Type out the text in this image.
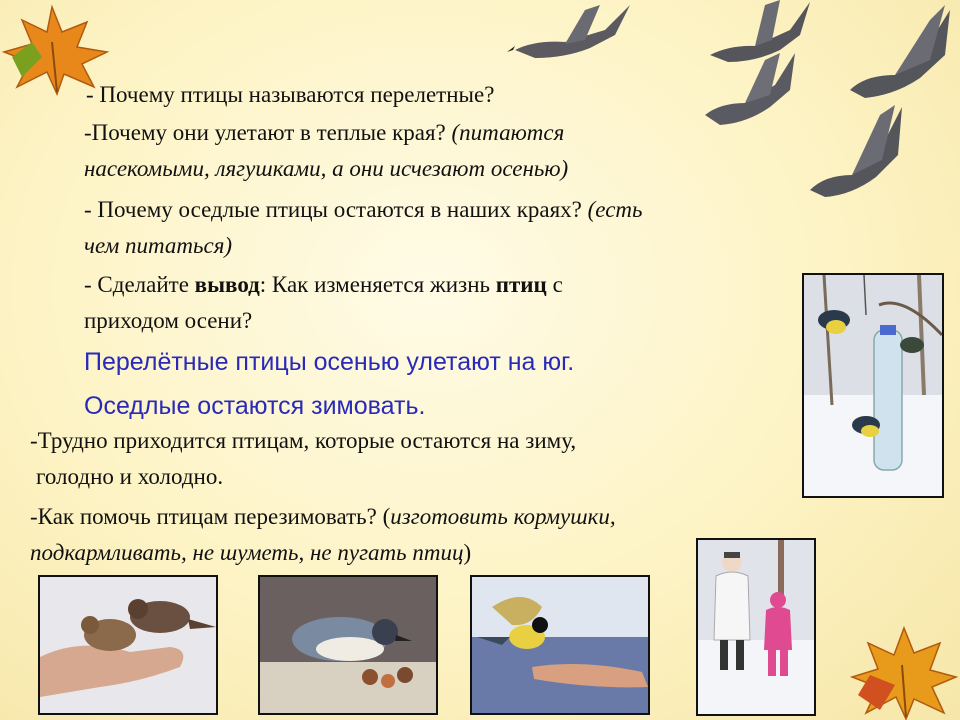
- Почему птицы называются перелетные?
-Почему они улетают в теплые края? (питаются
насекомыми, лягушками, а они исчезают осенью)
- Почему оседлые птицы остаются в наших краях? (есть
чем питаться)
- Сделайте вывод: Как изменяется жизнь птиц с
приходом осени?
Перелётные птицы осенью улетают на юг.
Оседлые остаются зимовать.
-Трудно приходится птицам, которые остаются на зиму,
голодно и холодно.
-Как помочь птицам перезимовать? (изготовить кормушки,
подкармливать, не шуметь, не пугать птиц)
